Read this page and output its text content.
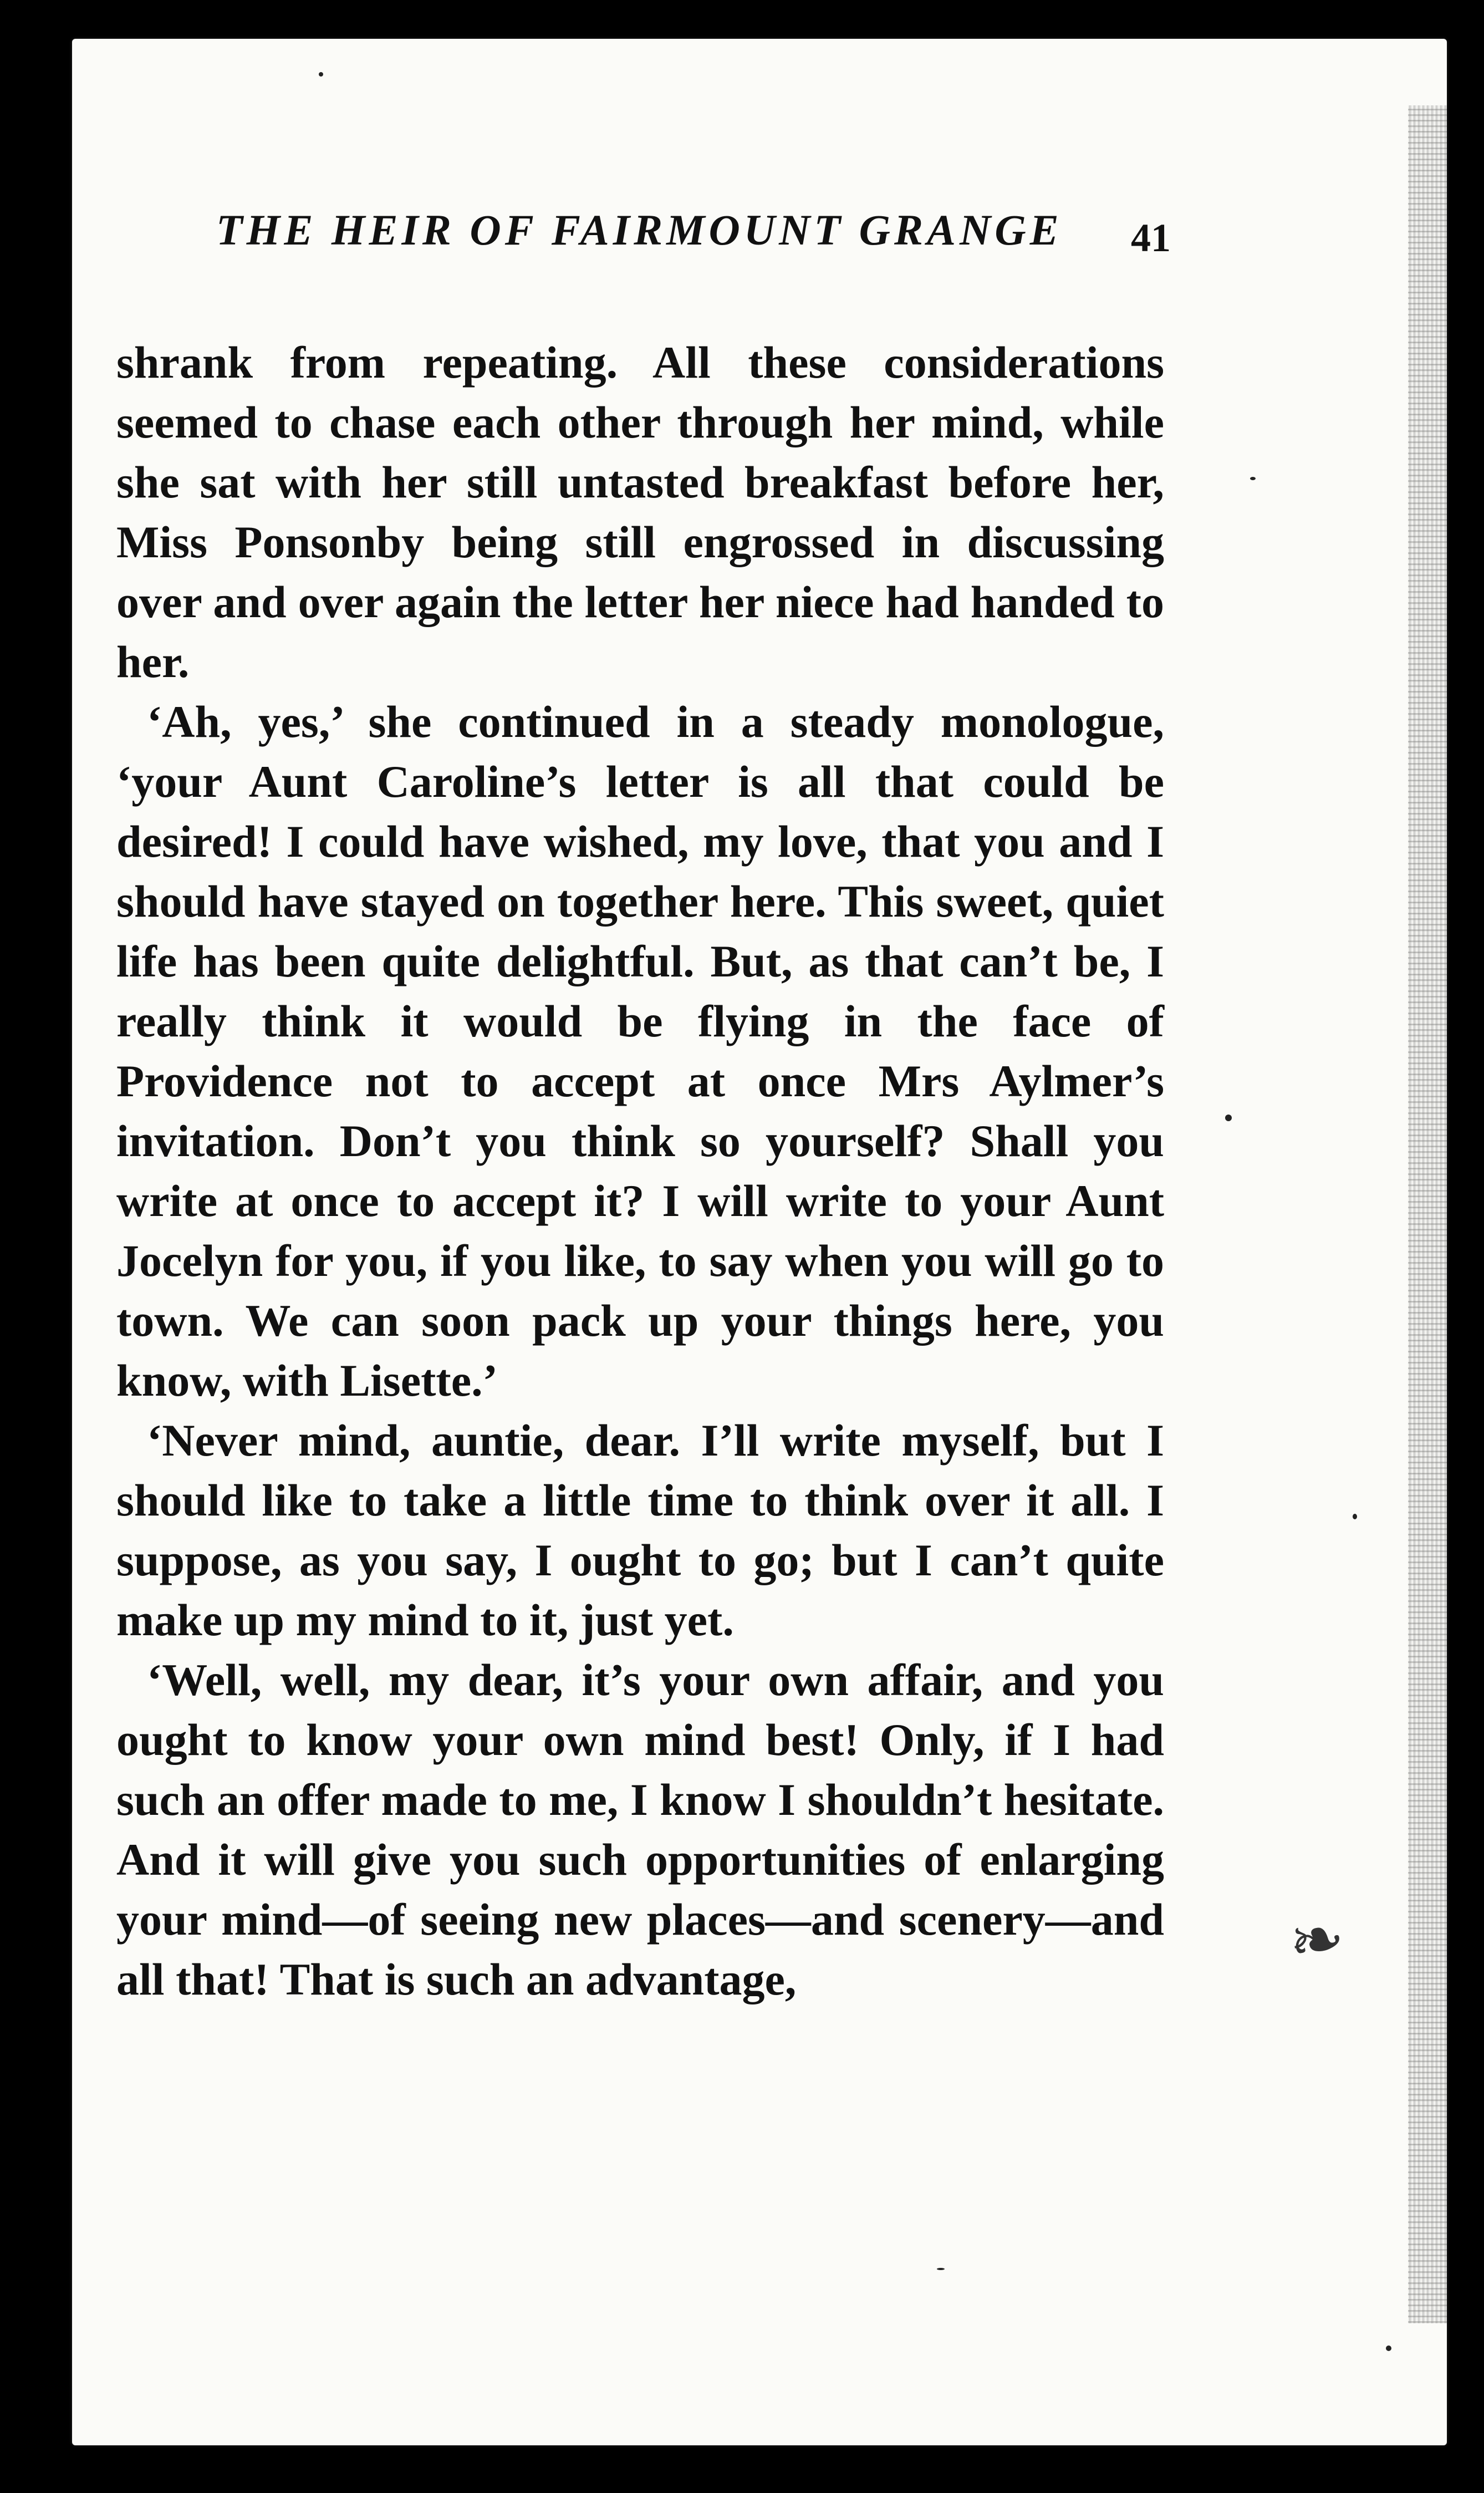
THE HEIR OF FAIRMOUNT GRANGE 41

shrank from repeating. All these considerations seemed to chase each other through her mind, while she sat with her still untasted breakfast before her, Miss Ponsonby being still engrossed in discussing over and over again the letter her niece had handed to her.

‘Ah, yes,’ she continued in a steady monologue, ‘your Aunt Caroline’s letter is all that could be desired! I could have wished, my love, that you and I should have stayed on together here. This sweet, quiet life has been quite delightful. But, as that can’t be, I really think it would be flying in the face of Providence not to accept at once Mrs Aylmer’s invitation. Don’t you think so yourself? Shall you write at once to accept it? I will write to your Aunt Jocelyn for you, if you like, to say when you will go to town. We can soon pack up your things here, you know, with Lisette.’

‘Never mind, auntie, dear. I’ll write myself, but I should like to take a little time to think over it all. I suppose, as you say, I ought to go; but I can’t quite make up my mind to it, just yet.

‘Well, well, my dear, it’s your own affair, and you ought to know your own mind best! Only, if I had such an offer made to me, I know I shouldn’t hesitate. And it will give you such opportunities of enlarging your mind—of seeing new places—and scenery—and all that! That is such an advantage,	❧
